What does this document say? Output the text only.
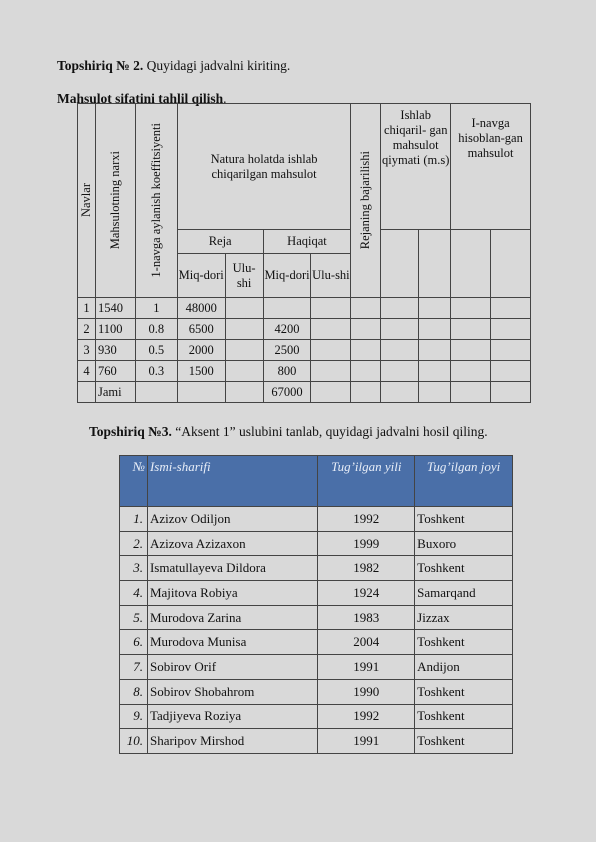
Topshiriq № 2. Quyidagi jadvalni kiriting.
Mahsulot sifatini tahlil qilish.
Navlar	Mahsulotning narxi	1-navga aylanish koeffitsiyenti	Natura holatda ishlab chiqarilgan mahsulot				Rejaning bajarilishi	Ishlab chiqaril- gan mahsulot qiymati (m.s)		I-navga hisoblan-gan mahsulot	
			Reja		Haqiqat						
			Miq-dori	Ulu-shi	Miq-dori	Ulu-shi					
1	1540	1	48000								
2	1100	0.8	6500		4200						
3	930	0.5	2000		2500						
4	760	0.3	1500		800						
	Jami				67000						
Topshiriq №3. “Aksent 1” uslubini tanlab, quyidagi jadvalni hosil qiling.
№	Ismi-sharifi	Tug’ilgan yili	Tug’ilgan joyi
1.	Azizov Odiljon	1992	Toshkent
2.	Azizova Azizaxon	1999	Buxoro
3.	Ismatullayeva Dildora	1982	Toshkent
4.	Majitova Robiya	1924	Samarqand
5.	Murodova Zarina	1983	Jizzax
6.	Murodova Munisa	2004	Toshkent
7.	Sobirov Orif	1991	Andijon
8.	Sobirov Shobahrom	1990	Toshkent
9.	Tadjiyeva Roziya	1992	Toshkent
10.	Sharipov Mirshod	1991	Toshkent
